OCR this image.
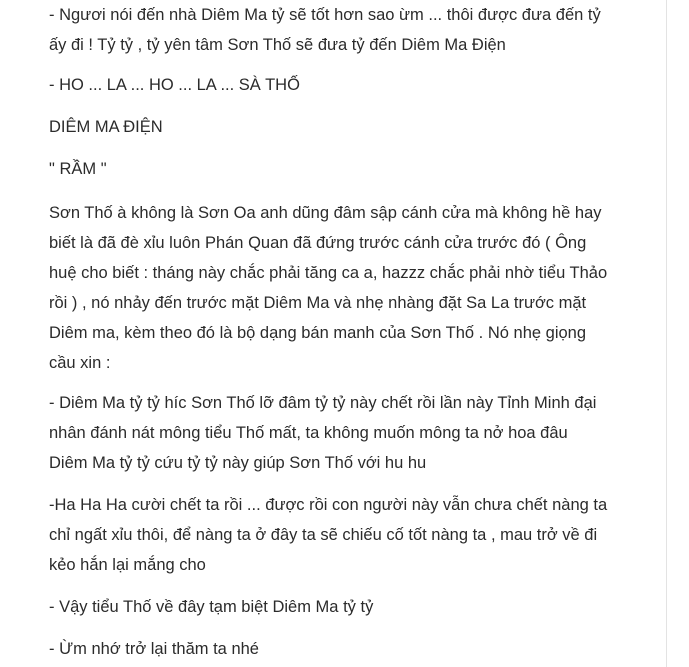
- Ngươi nói đến nhà Diêm Ma tỷ sẽ tốt hơn sao ừm ... thôi được đưa đến tỷ ấy đi ! Tỷ tỷ , tỷ yên tâm Sơn Thố sẽ đưa tỷ đến Diêm Ma Điện

- HO ... LA ... HO ... LA ... SÀ THỐ

DIÊM MA ĐIỆN

" RẦM "

Sơn Thố à không là Sơn Oa anh dũng đâm sập cánh cửa mà không hề hay biết là đã đè xỉu luôn Phán Quan đã đứng trước cánh cửa trước đó ( Ông huệ cho biết : tháng này chắc phải tăng ca a, hazzz chắc phải nhờ tiểu Thảo rồi ) , nó nhảy đến trước mặt Diêm Ma và nhẹ nhàng đặt Sa La trước mặt Diêm ma, kèm theo đó là bộ dạng bán manh của Sơn Thố . Nó nhẹ giọng cầu xin :

- Diêm Ma tỷ tỷ híc Sơn Thố lỡ đâm tỷ tỷ này chết rồi lần này Tỉnh Minh đại nhân đánh nát mông tiểu Thố mất, ta không muốn mông ta nở hoa đâu Diêm Ma tỷ tỷ cứu tỷ tỷ này giúp Sơn Thố với hu hu

-Ha Ha Ha cười chết ta rồi ... được rồi con người này vẫn chưa chết nàng ta chỉ ngất xỉu thôi, để nàng ta ở đây ta sẽ chiếu cố tốt nàng ta , mau trở về đi kẻo hắn lại mắng cho

- Vậy tiểu Thố về đây tạm biệt Diêm Ma tỷ tỷ

- Ừm nhớ trở lại thăm ta nhé
